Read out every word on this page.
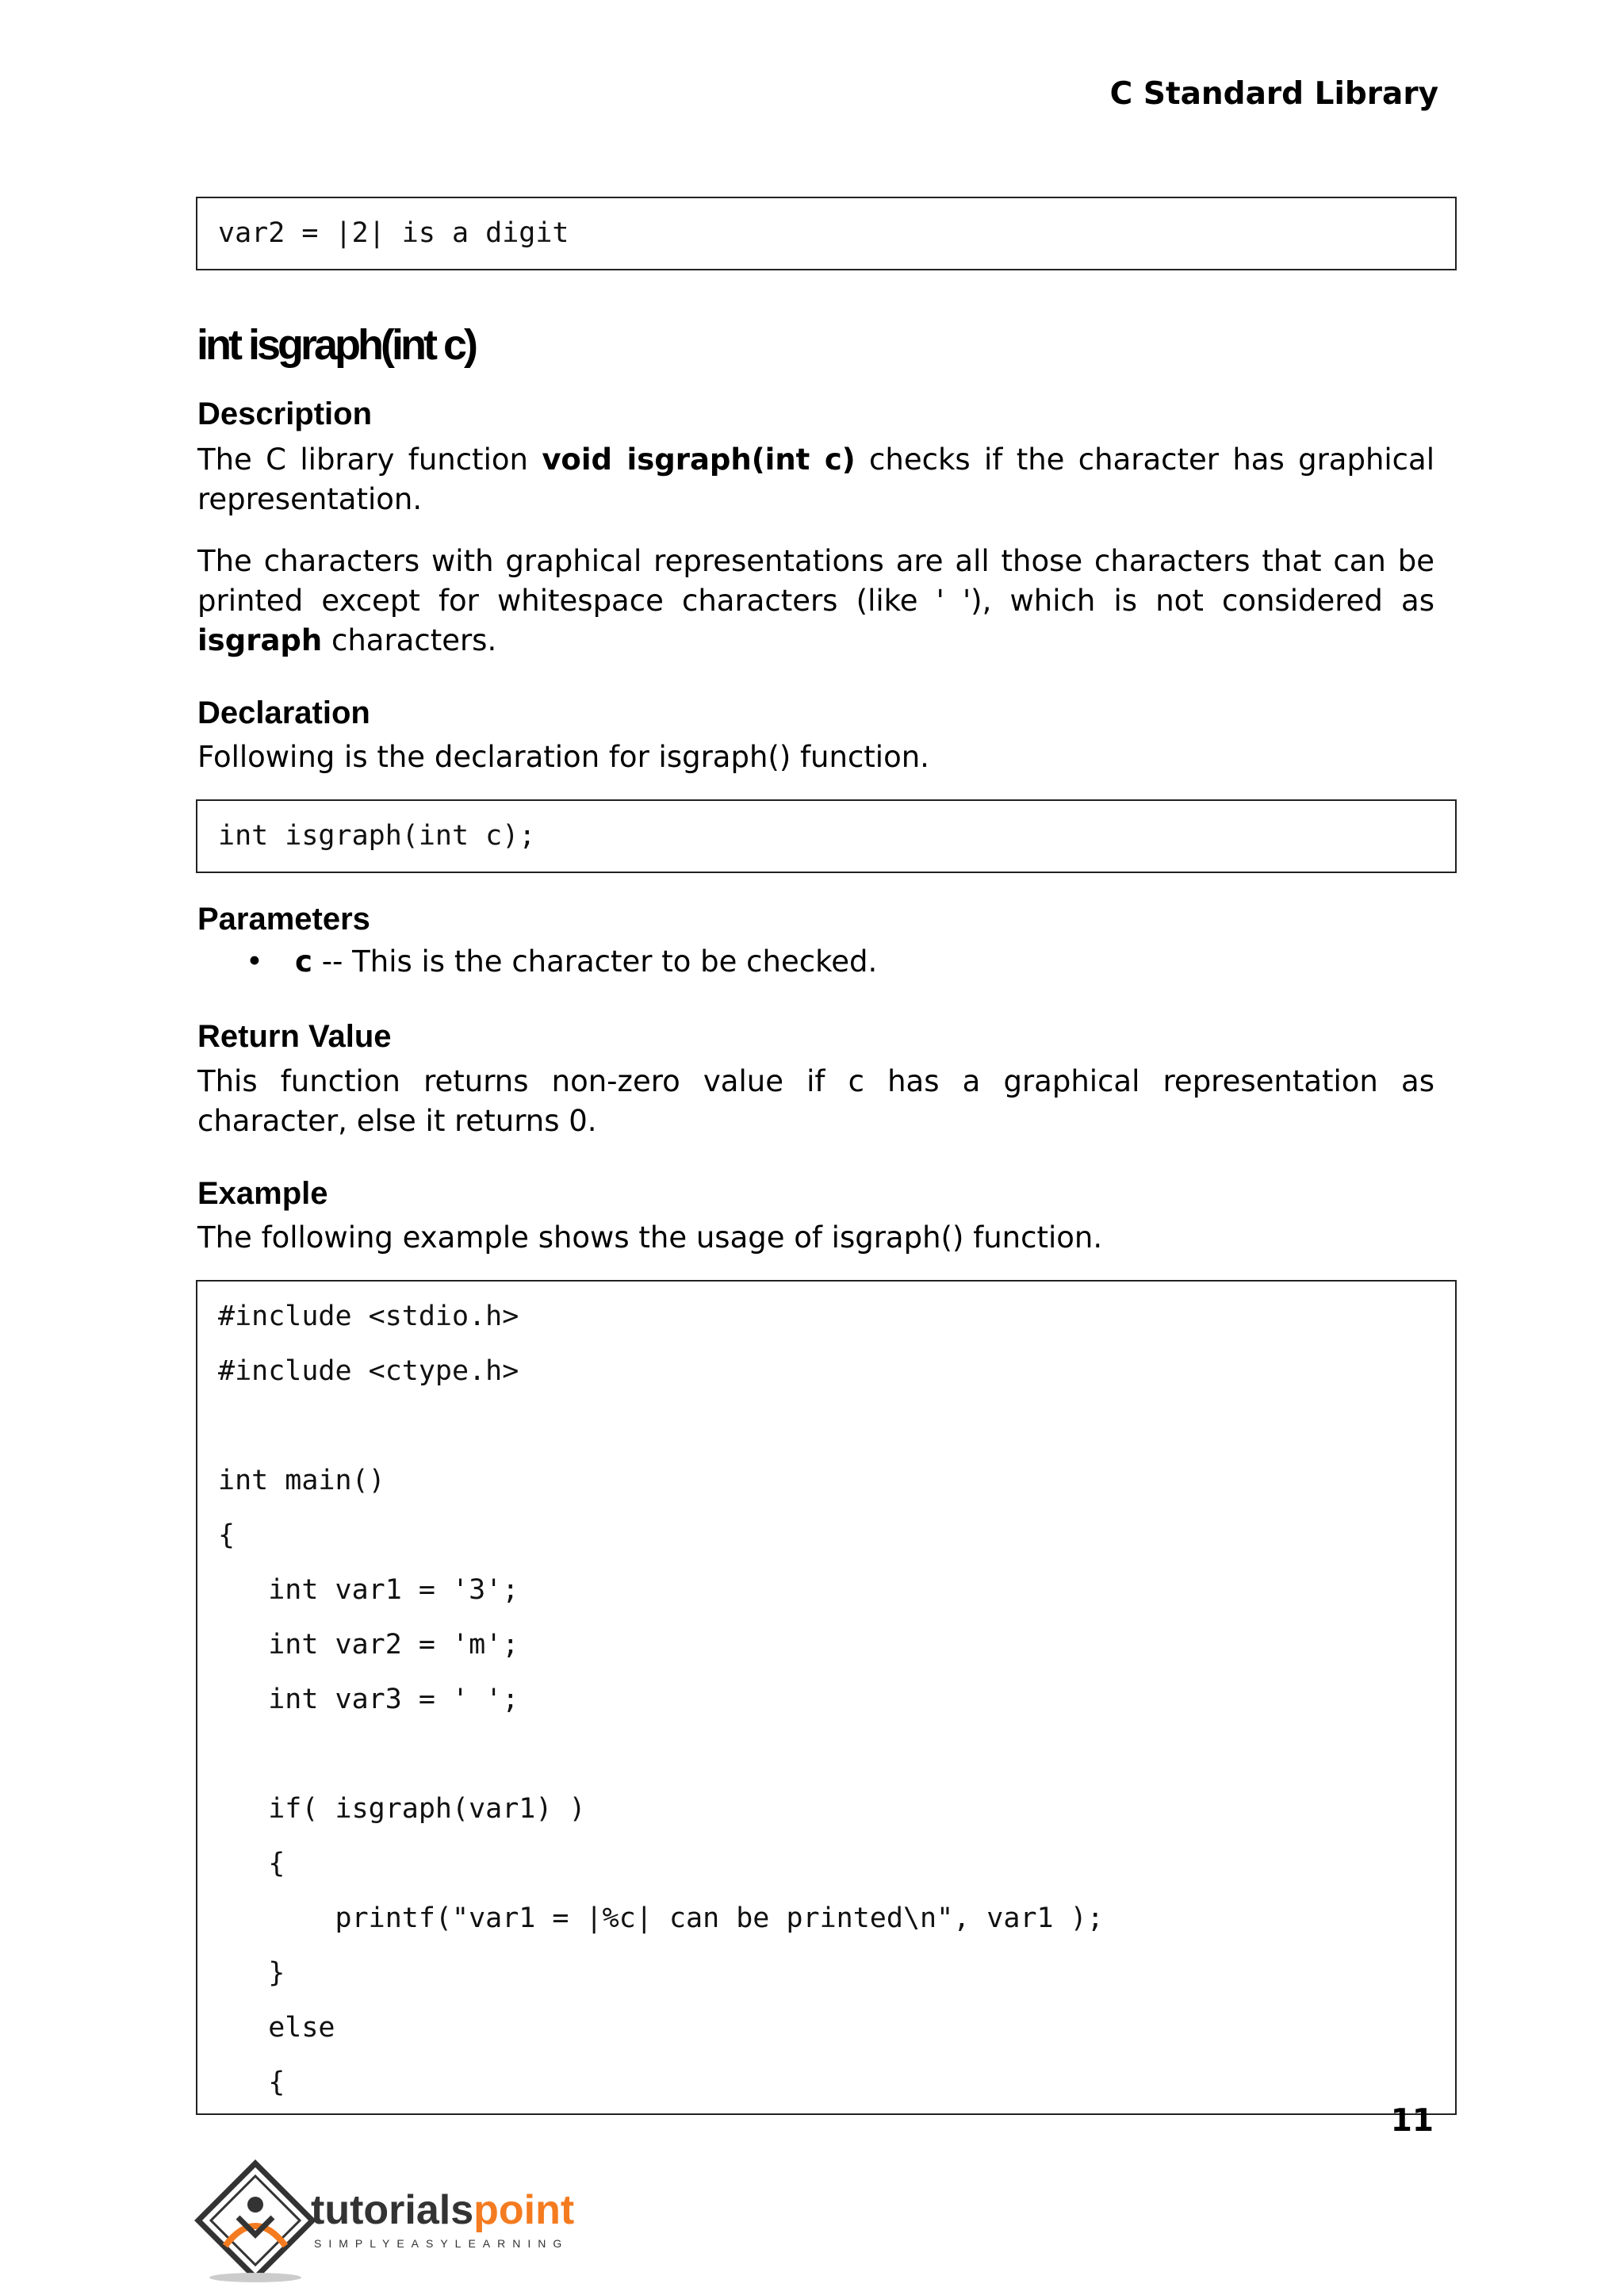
C Standard Library
var2 = |2| is a digit
int isgraph(int c)
Description
The C library function void isgraph(int c) checks if the character has graphical representation.
The characters with graphical representations are all those characters that can be printed except for whitespace characters (like ' '), which is not considered as isgraph characters.
Declaration
Following is the declaration for isgraph() function.
int isgraph(int c);
Parameters
• c -- This is the character to be checked.
Return Value
This function returns non-zero value if c has a graphical representation as character, else it returns 0.
Example
The following example shows the usage of isgraph() function.
#include <stdio.h>
#include <ctype.h>
int main()
{
int var1 = '3';
int var2 = 'm';
int var3 = ' ';
if( isgraph(var1) )
{
printf("var1 = |%c| can be printed\n", var1 );
}
else
{
11
tutorialspoint
SIMPLYEASYLEARNING
